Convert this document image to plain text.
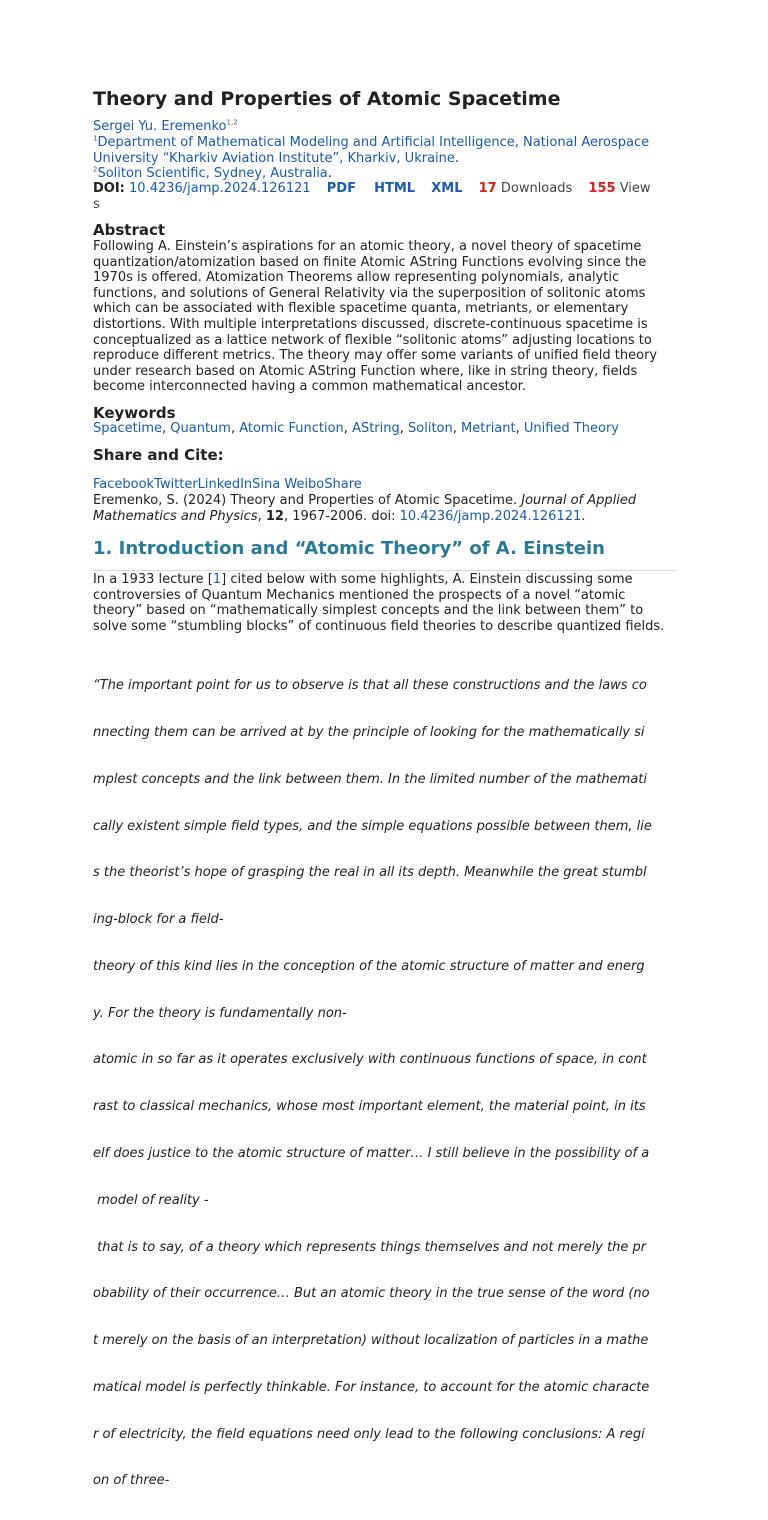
Theory and Properties of Atomic Spacetime
Sergei Yu. Eremenko$^{1,2}$
$^1$Department of Mathematical Modeling and Artificial Intelligence, National Aerospace University “Kharkiv Aviation Institute”, Kharkiv, Ukraine.
$^2$Soliton Scientific, Sydney, Australia.
DOI: 10.4236/jamp.2024.126121 PDF HTML XML 17 Downloads 155 View
s
Abstract

Following A. Einstein’s aspirations for an atomic theory, a novel theory of spacetime quantization/atomization based on finite Atomic AString Functions evolving since the 1970s is offered. Atomization Theorems allow representing polynomials, analytic functions, and solutions of General Relativity via the superposition of solitonic atoms which can be associated with flexible spacetime quanta, metriants, or elementary distortions. With multiple interpretations discussed, discrete-continuous spacetime is conceptualized as a lattice network of flexible “solitonic atoms” adjusting locations to reproduce different metrics. The theory may offer some variants of unified field theory under research based on Atomic AString Function where, like in string theory, fields become interconnected having a common mathematical ancestor.

Keywords
Spacetime, Quantum, Atomic Function, AString, Soliton, Metriant, Unified Theory
Share and Cite:
FacebookTwitterLinkedInSina WeiboShare

Eremenko, S. (2024) Theory and Properties of Atomic Spacetime. Journal of Applied Mathematics and Physics, 12, 1967-2006. doi: 10.4236/jamp.2024.126121.

1. Introduction and “Atomic Theory” of A. Einstein

In a 1933 lecture [1] cited below with some highlights, A. Einstein discussing some controversies of Quantum Mechanics mentioned the prospects of a novel “atomic theory” based on “mathematically simplest concepts and the link between them” to solve some “stumbling blocks” of continuous field theories to describe quantized fields.

“The important point for us to observe is that all these constructions and the laws co

nnecting them can be arrived at by the principle of looking for the mathematically si

mplest concepts and the link between them. In the limited number of the mathemati

cally existent simple field types, and the simple equations possible between them, lie

s the theorist’s hope of grasping the real in all its depth. Meanwhile the great stumbl

ing-block for a field-

theory of this kind lies in the conception of the atomic structure of matter and energ

y. For the theory is fundamentally non-

atomic in so far as it operates exclusively with continuous functions of space, in cont

rast to classical mechanics, whose most important element, the material point, in its

elf does justice to the atomic structure of matter… I still believe in the possibility of a

model of reality -

that is to say, of a theory which represents things themselves and not merely the pr

obability of their occurrence… But an atomic theory in the true sense of the word (no

t merely on the basis of an interpretation) without localization of particles in a mathe

matical model is perfectly thinkable. For instance, to account for the atomic characte

r of electricity, the field equations need only lead to the following conclusions: A regi

on of three-
